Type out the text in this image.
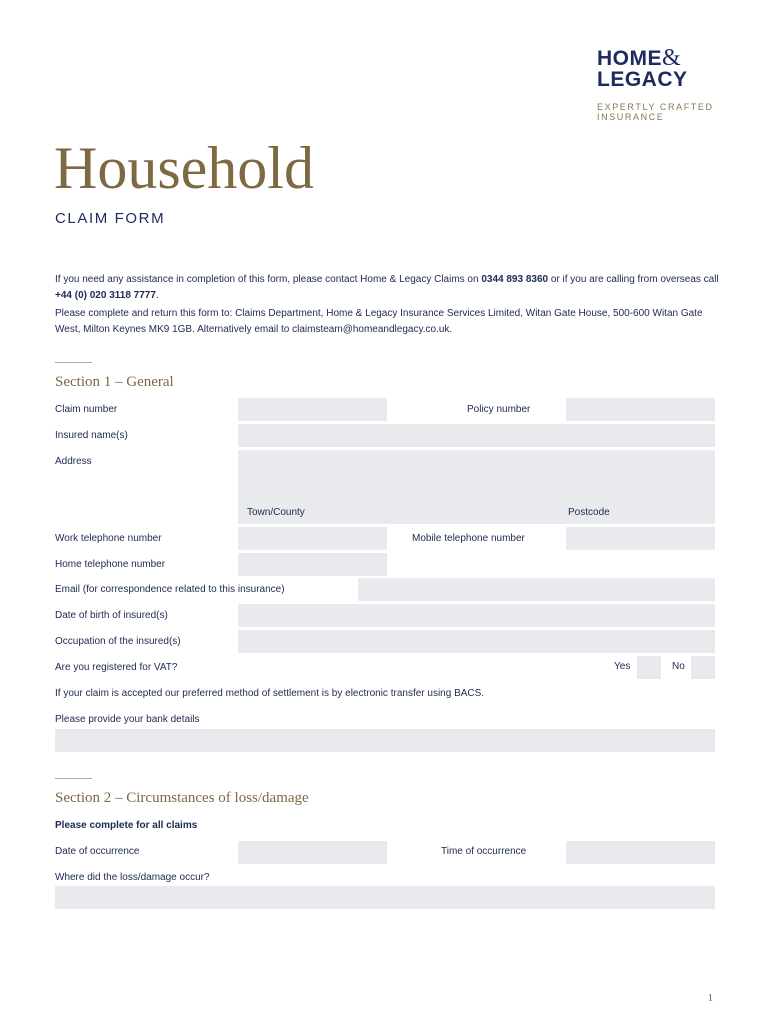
HOME&
LEGACY
EXPERTLY CRAFTED
INSURANCE
Household
CLAIM FORM
If you need any assistance in completion of this form, please contact Home & Legacy Claims on 0344 893 8360 or if you are calling from overseas call +44 (0) 020 3118 7777.
Please complete and return this form to: Claims Department, Home & Legacy Insurance Services Limited, Witan Gate House, 500-600 Witan Gate West, Milton Keynes MK9 1GB. Alternatively email to claimsteam@homeandlegacy.co.uk.
Section 1 – General
Claim number	Policy number
Insured name(s)
Address
Town/County	Postcode
Work telephone number	Mobile telephone number
Home telephone number
Email (for correspondence related to this insurance)
Date of birth of insured(s)
Occupation of the insured(s)
Are you registered for VAT?	Yes	No
If your claim is accepted our preferred method of settlement is by electronic transfer using BACS.
Please provide your bank details
Section 2 – Circumstances of loss/damage
Please complete for all claims
Date of occurrence	Time of occurrence
Where did the loss/damage occur?
1
